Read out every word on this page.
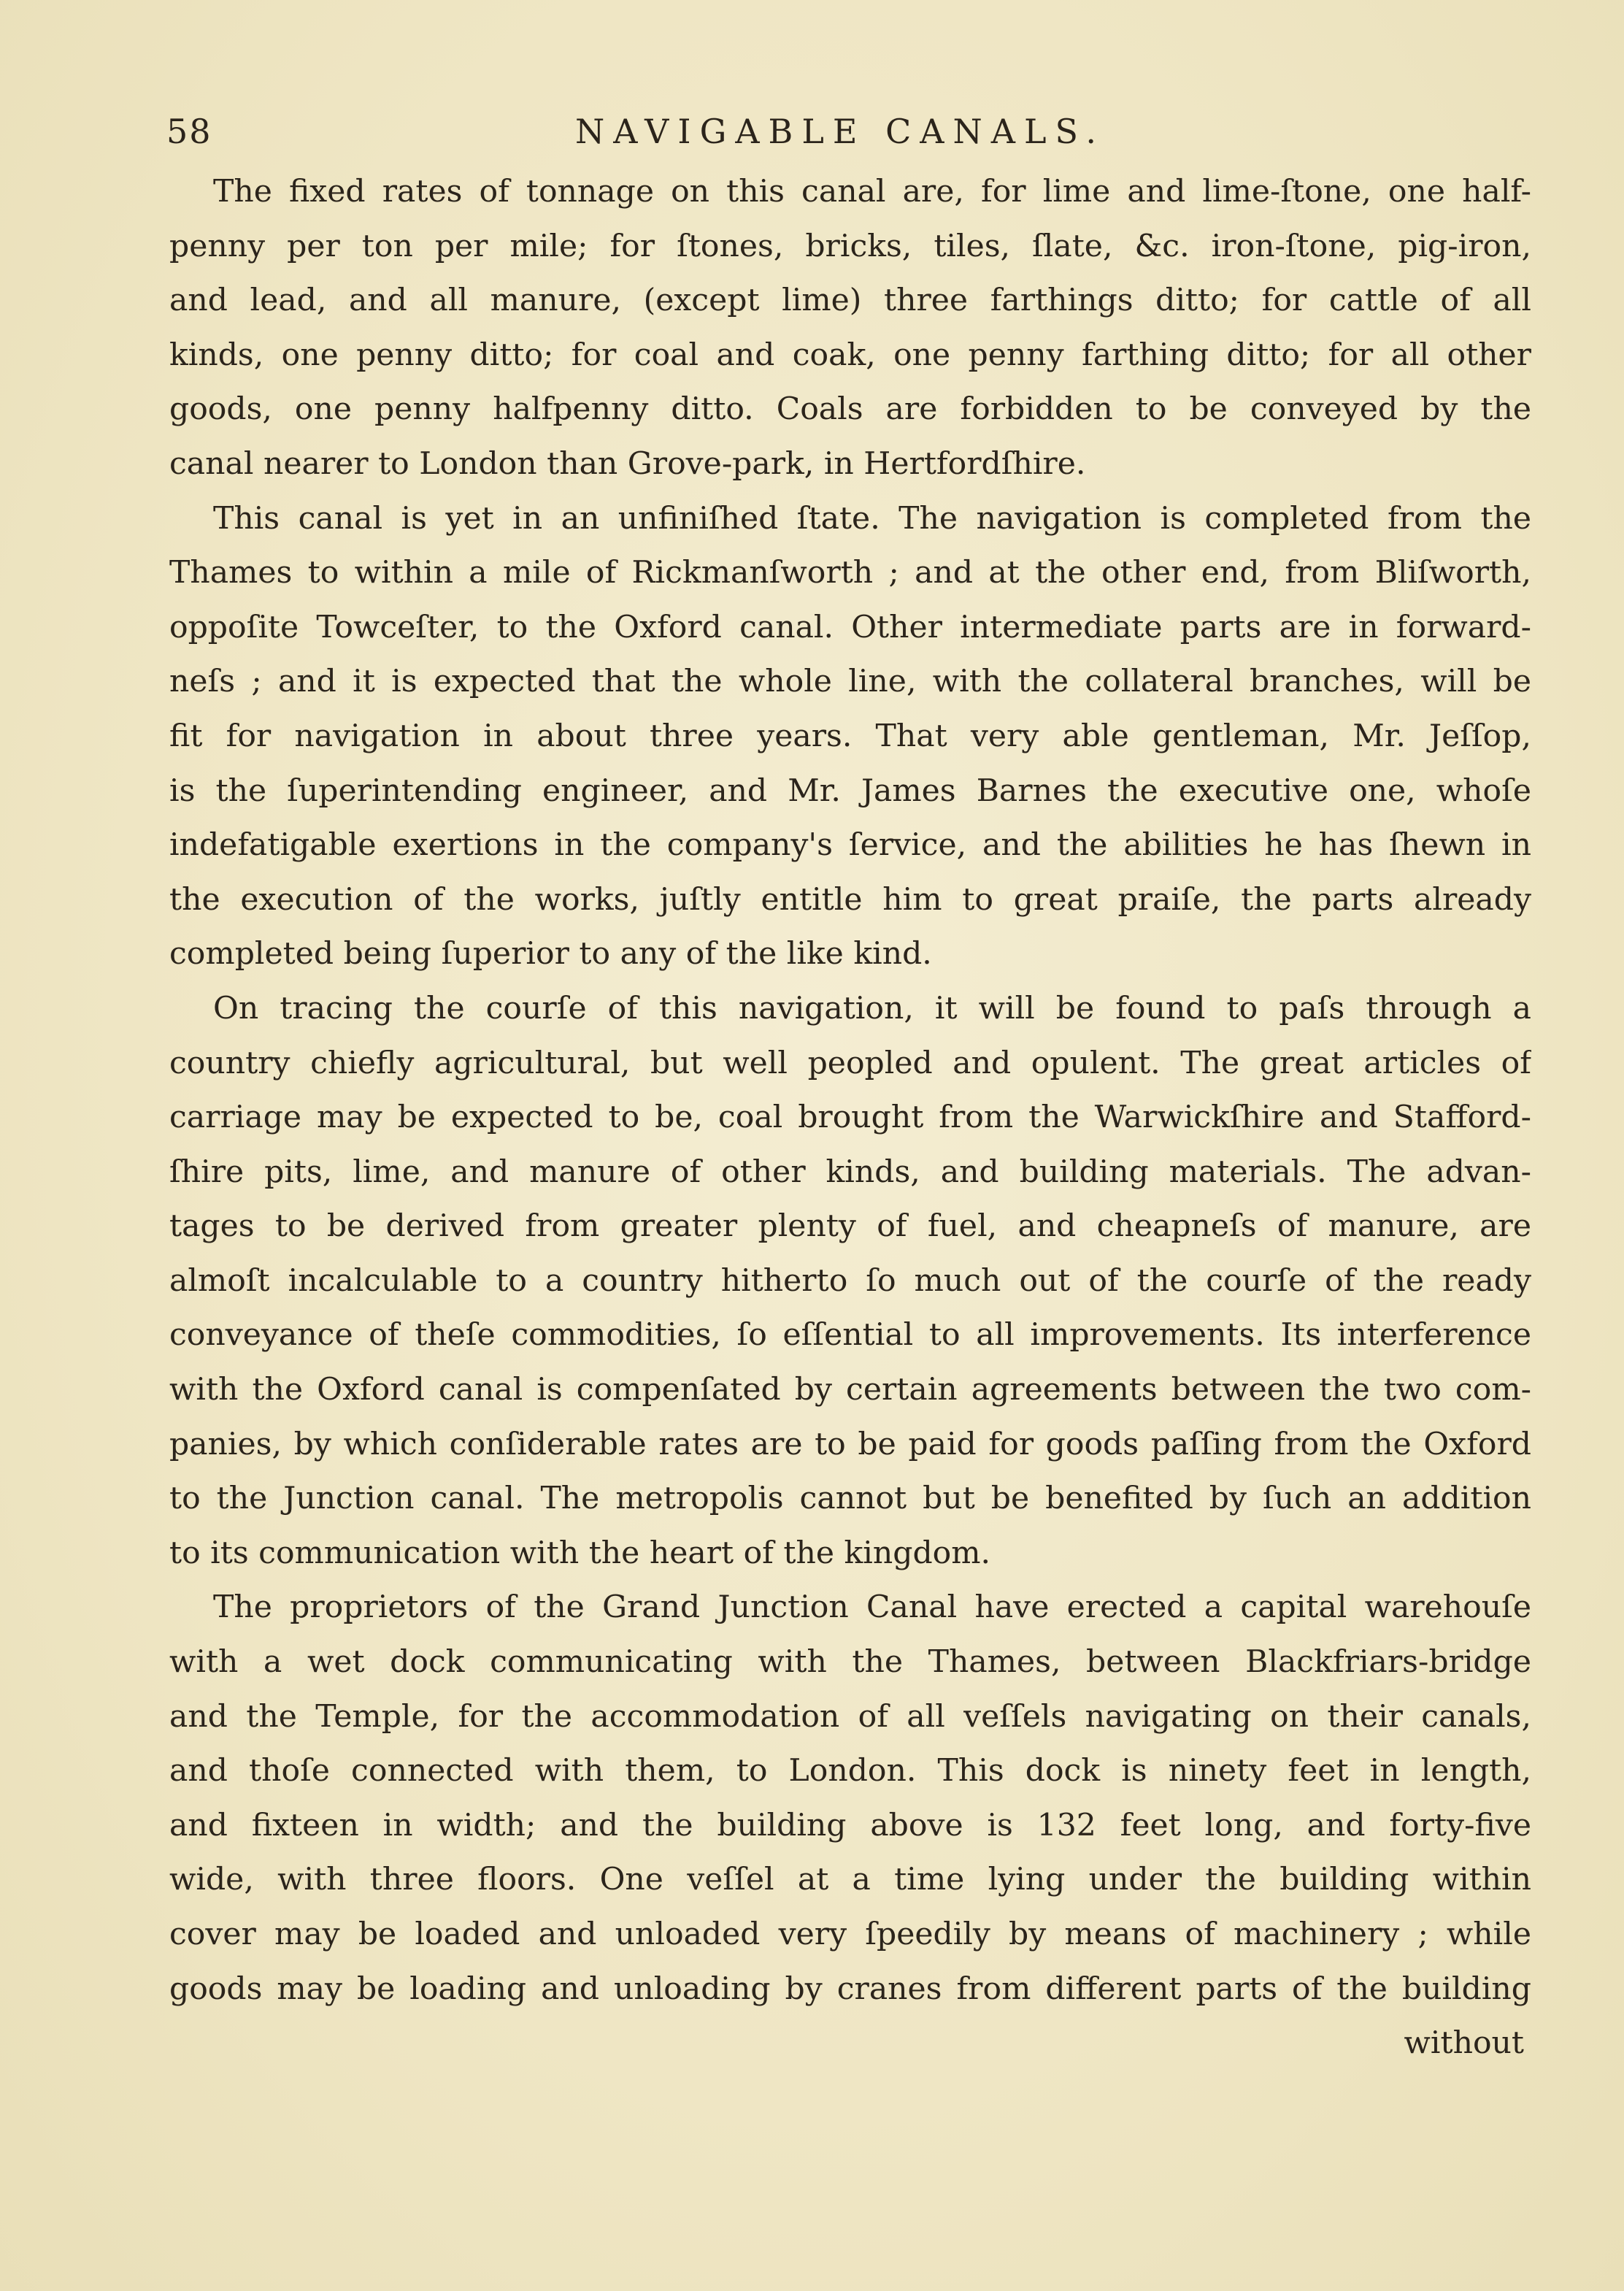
58	NAVIGABLE CANALS.
The fixed rates of tonnage on this canal are, for lime and lime-ſtone, one half-
penny per ton per mile; for ſtones, bricks, tiles, ſlate, &c. iron-ſtone, pig-iron,
and lead, and all manure, (except lime) three farthings ditto; for cattle of all
kinds, one penny ditto; for coal and coak, one penny farthing ditto; for all other
goods, one penny halfpenny ditto. Coals are forbidden to be conveyed by the
canal nearer to London than Grove-park, in Hertfordſhire.
This canal is yet in an unfiniſhed ſtate. The navigation is completed from the
Thames to within a mile of Rickmanſworth ; and at the other end, from Bliſworth,
oppoſite Towceſter, to the Oxford canal. Other intermediate parts are in forward-
neſs ; and it is expected that the whole line, with the collateral branches, will be
fit for navigation in about three years. That very able gentleman, Mr. Jeſſop,
is the ſuperintending engineer, and Mr. James Barnes the executive one, whoſe
indefatigable exertions in the company's ſervice, and the abilities he has ſhewn in
the execution of the works, juſtly entitle him to great praiſe, the parts already
completed being ſuperior to any of the like kind.
On tracing the courſe of this navigation, it will be found to paſs through a
country chiefly agricultural, but well peopled and opulent. The great articles of
carriage may be expected to be, coal brought from the Warwickſhire and Stafford-
ſhire pits, lime, and manure of other kinds, and building materials. The advan-
tages to be derived from greater plenty of fuel, and cheapneſs of manure, are
almoſt incalculable to a country hitherto ſo much out of the courſe of the ready
conveyance of theſe commodities, ſo eſſential to all improvements. Its interference
with the Oxford canal is compenſated by certain agreements between the two com-
panies, by which conſiderable rates are to be paid for goods paſſing from the Oxford
to the Junction canal. The metropolis cannot but be benefited by ſuch an addition
to its communication with the heart of the kingdom.
The proprietors of the Grand Junction Canal have erected a capital warehouſe
with a wet dock communicating with the Thames, between Blackfriars-bridge
and the Temple, for the accommodation of all veſſels navigating on their canals,
and thoſe connected with them, to London. This dock is ninety feet in length,
and fixteen in width; and the building above is 132 feet long, and forty-five
wide, with three floors. One veſſel at a time lying under the building within
cover may be loaded and unloaded very ſpeedily by means of machinery ; while
goods may be loading and unloading by cranes from different parts of the building
without
